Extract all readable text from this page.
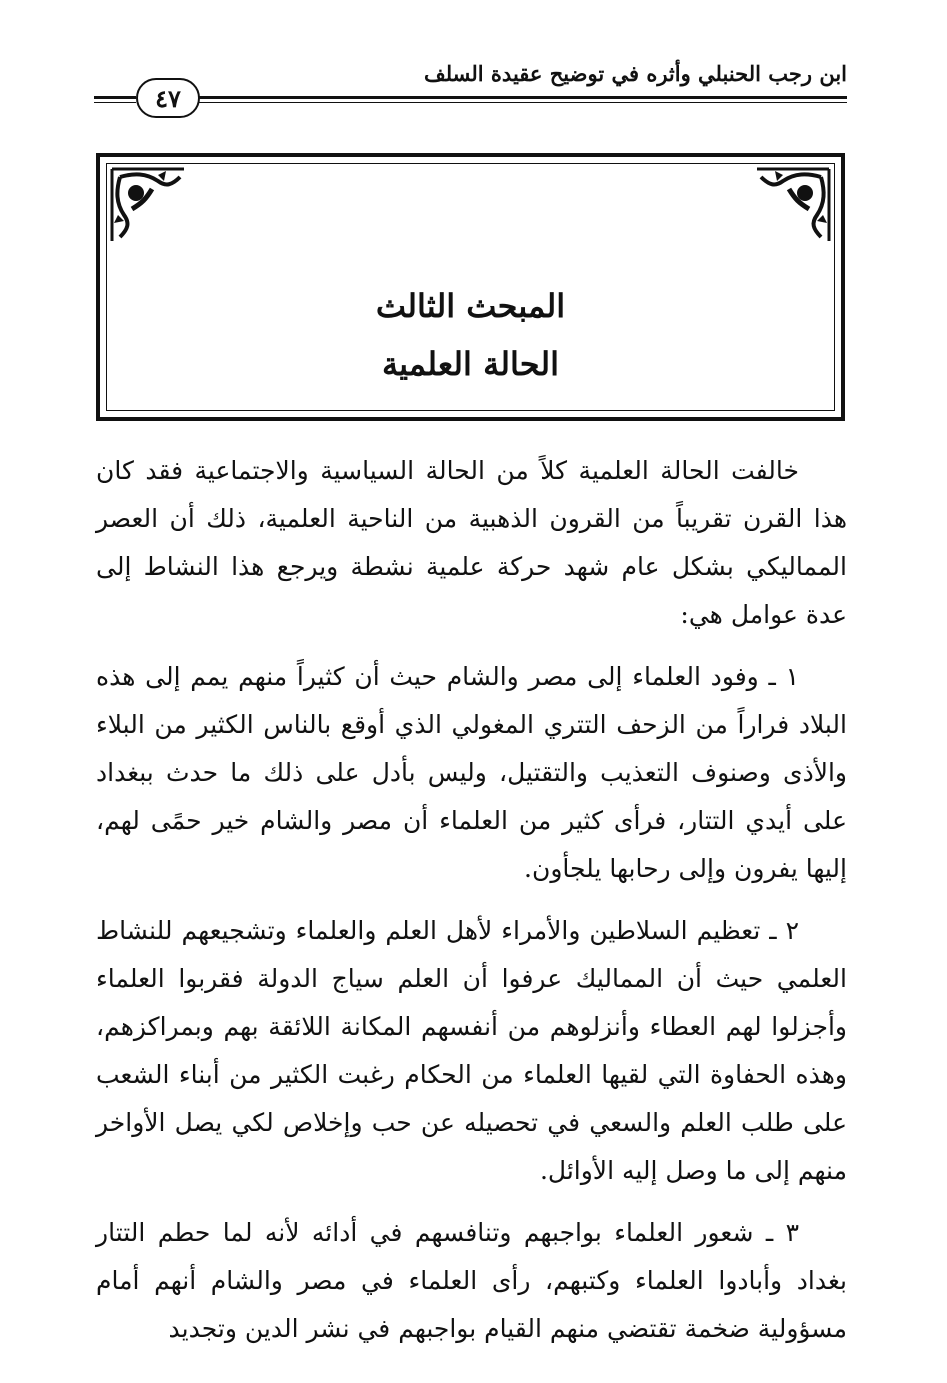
ابن رجب الحنبلي وأثره في توضيح عقيدة السلف
٤٧
المبحث الثالث
الحالة العلمية

خالفت الحالة العلمية كلاً من الحالة السياسية والاجتماعية فقد كان هذا القرن تقريباً من القرون الذهبية من الناحية العلمية، ذلك أن العصر المماليكي بشكل عام شهد حركة علمية نشطة ويرجع هذا النشاط إلى عدة عوامل هي:

١ ـ وفود العلماء إلى مصر والشام حيث أن كثيراً منهم يمم إلى هذه البلاد فراراً من الزحف التتري المغولي الذي أوقع بالناس الكثير من البلاء والأذى وصنوف التعذيب والتقتيل، وليس بأدل على ذلك ما حدث ببغداد على أيدي التتار، فرأى كثير من العلماء أن مصر والشام خير حمًى لهم، إليها يفرون وإلى رحابها يلجأون.

٢ ـ تعظيم السلاطين والأمراء لأهل العلم والعلماء وتشجيعهم للنشاط العلمي حيث أن المماليك عرفوا أن العلم سياج الدولة فقربوا العلماء وأجزلوا لهم العطاء وأنزلوهم من أنفسهم المكانة اللائقة بهم وبمراكزهم، وهذه الحفاوة التي لقيها العلماء من الحكام رغبت الكثير من أبناء الشعب على طلب العلم والسعي في تحصيله عن حب وإخلاص لكي يصل الأواخر منهم إلى ما وصل إليه الأوائل.

٣ ـ شعور العلماء بواجبهم وتنافسهم في أدائه لأنه لما حطم التتار بغداد وأبادوا العلماء وكتبهم، رأى العلماء في مصر والشام أنهم أمام مسؤولية ضخمة تقتضي منهم القيام بواجبهم في نشر الدين وتجديد
